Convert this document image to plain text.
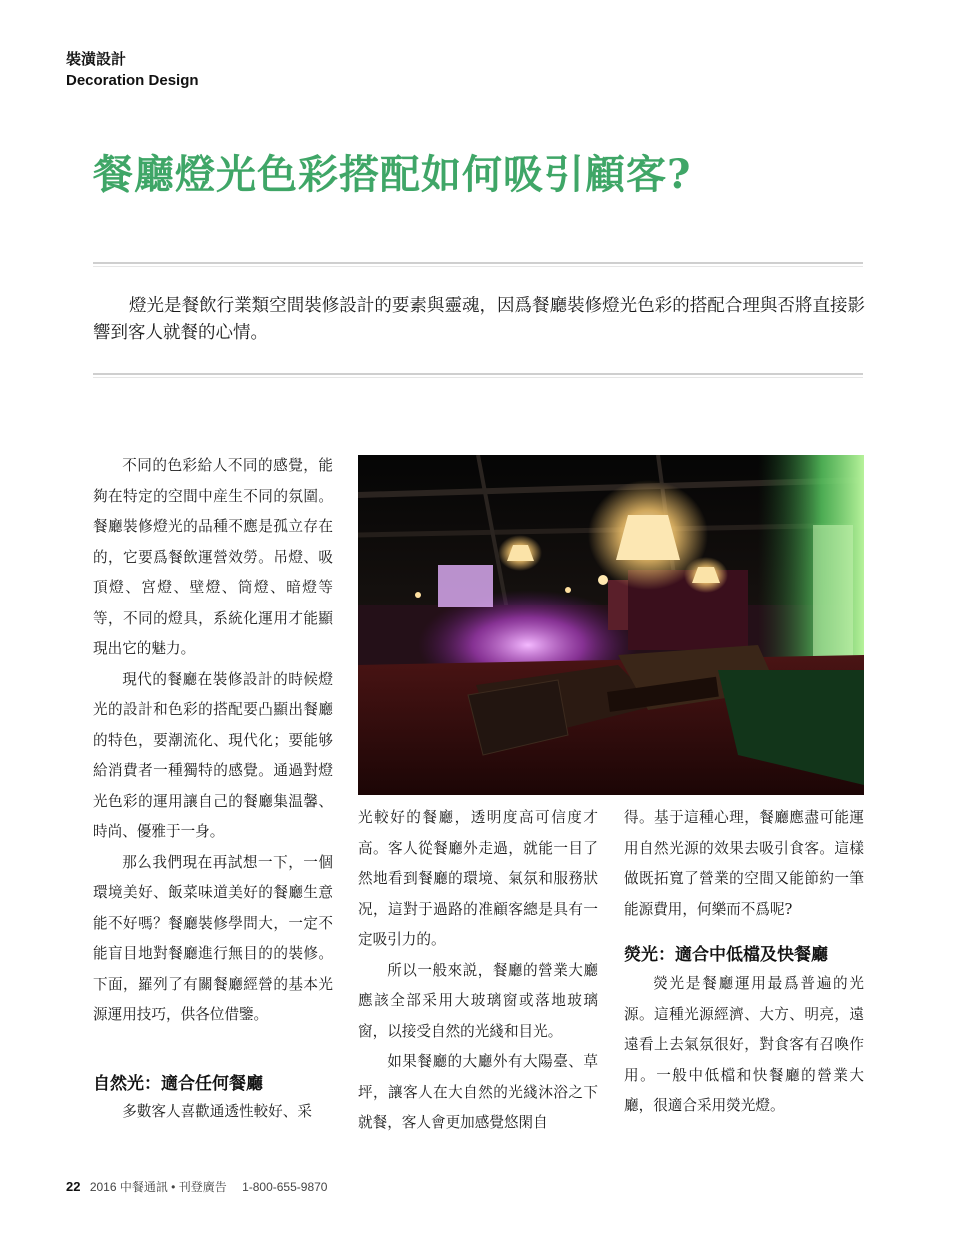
裝潢設計
Decoration Design
餐廳燈光色彩搭配如何吸引顧客?
燈光是餐飲行業類空間裝修設計的要素與靈魂，因爲餐廳裝修燈光色彩的搭配合理與否將直接影響到客人就餐的心情。

不同的色彩給人不同的感覺，能夠在特定的空間中産生不同的氛圍。餐廳裝修燈光的品種不應是孤立存在的，它要爲餐飲運營效勞。吊燈、吸頂燈、宮燈、壁燈、筒燈、暗燈等等，不同的燈具，系統化運用才能顯現出它的魅力。

現代的餐廳在裝修設計的時候燈光的設計和色彩的搭配要凸顯出餐廳的特色，要潮流化、現代化；要能够給消費者一種獨特的感覺。通過對燈光色彩的運用讓自己的餐廳集温馨、時尚、優雅于一身。

那么我們現在再試想一下，一個環境美好、飯菜味道美好的餐廳生意能不好嗎？餐廳裝修學問大，一定不能盲目地對餐廳進行無目的的裝修。下面，羅列了有關餐廳經營的基本光源運用技巧，供各位借鑒。

自然光：適合任何餐廳

多數客人喜歡通透性較好、采

光較好的餐廳，透明度高可信度才高。客人從餐廳外走過，就能一目了然地看到餐廳的環境、氣氛和服務狀况，這對于過路的准顧客總是具有一定吸引力的。

所以一般來説，餐廳的營業大廳應該全部采用大玻璃窗或落地玻璃窗，以接受自然的光綫和目光。

如果餐廳的大廳外有大陽臺、草坪，讓客人在大自然的光綫沐浴之下就餐，客人會更加感覺悠閑自

得。基于這種心理，餐廳應盡可能運用自然光源的效果去吸引食客。這樣做既拓寬了營業的空間又能節約一筆能源費用，何樂而不爲呢?

熒光：適合中低檔及快餐廳

熒光是餐廳運用最爲普遍的光源。這種光源經濟、大方、明亮，遠遠看上去氣氛很好，對食客有召喚作用。一般中低檔和快餐廳的營業大廳，很適合采用熒光燈。

22 2016 中餐通訊 • 刊登廣告 1-800-655-9870
